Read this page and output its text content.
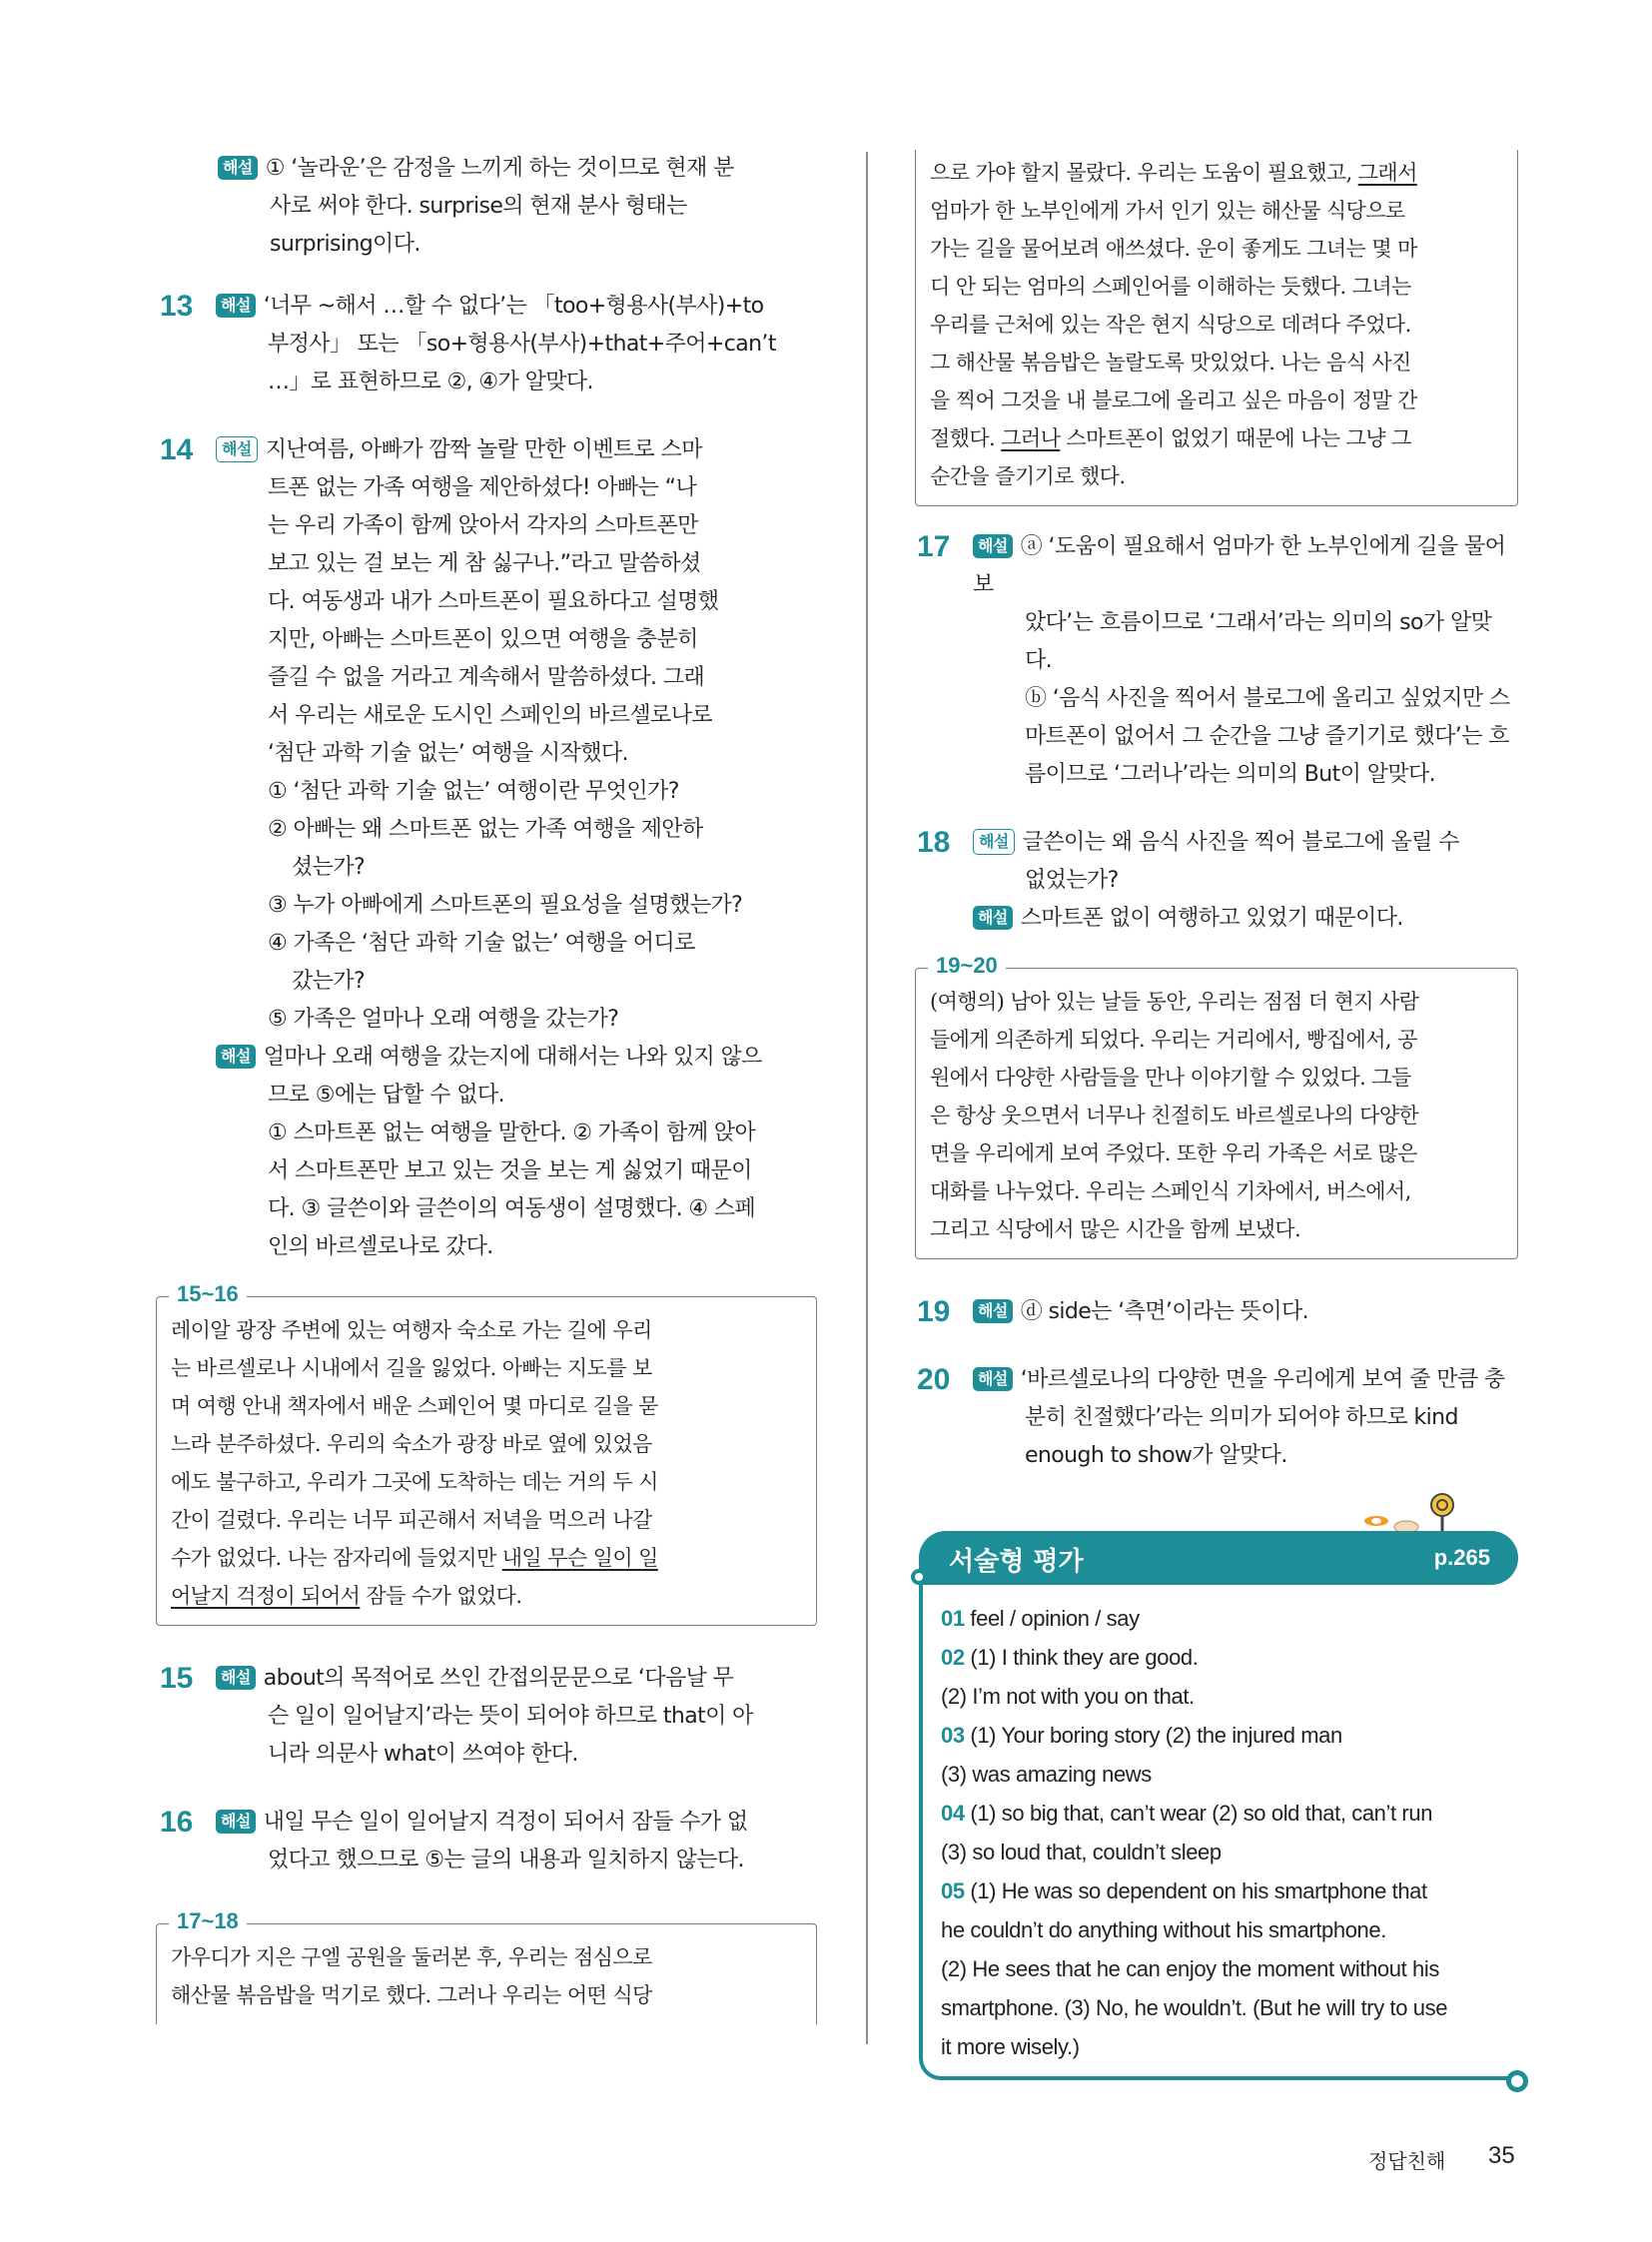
해설 ① ‘놀라운’은 감정을 느끼게 하는 것이므로 현재 분
사로 써야 한다. surprise의 현재 분사 형태는
surprising이다.
13	해설 ‘너무 ~해서 …할 수 없다’는 「too+형용사(부사)+to
부정사」 또는 「so+형용사(부사)+that+주어+can’t
…」로 표현하므로 ②, ④가 알맞다.
14	해설 지난여름, 아빠가 깜짝 놀랄 만한 이벤트로 스마
트폰 없는 가족 여행을 제안하셨다! 아빠는 “나
는 우리 가족이 함께 앉아서 각자의 스마트폰만
보고 있는 걸 보는 게 참 싫구나.”라고 말씀하셨
다. 여동생과 내가 스마트폰이 필요하다고 설명했
지만, 아빠는 스마트폰이 있으면 여행을 충분히
즐길 수 없을 거라고 계속해서 말씀하셨다. 그래
서 우리는 새로운 도시인 스페인의 바르셀로나로
‘첨단 과학 기술 없는’ 여행을 시작했다.
① ‘첨단 과학 기술 없는’ 여행이란 무엇인가?
② 아빠는 왜 스마트폰 없는 가족 여행을 제안하
셨는가?
③ 누가 아빠에게 스마트폰의 필요성을 설명했는가?
④ 가족은 ‘첨단 과학 기술 없는’ 여행을 어디로
갔는가?
⑤ 가족은 얼마나 오래 여행을 갔는가?
해설 얼마나 오래 여행을 갔는지에 대해서는 나와 있지 않으
므로 ⑤에는 답할 수 없다.
① 스마트폰 없는 여행을 말한다. ② 가족이 함께 앉아
서 스마트폰만 보고 있는 것을 보는 게 싫었기 때문이
다. ③ 글쓴이와 글쓴이의 여동생이 설명했다. ④ 스페
인의 바르셀로나로 갔다.
15~16
레이알 광장 주변에 있는 여행자 숙소로 가는 길에 우리
는 바르셀로나 시내에서 길을 잃었다. 아빠는 지도를 보
며 여행 안내 책자에서 배운 스페인어 몇 마디로 길을 묻
느라 분주하셨다. 우리의 숙소가 광장 바로 옆에 있었음
에도 불구하고, 우리가 그곳에 도착하는 데는 거의 두 시
간이 걸렸다. 우리는 너무 피곤해서 저녁을 먹으러 나갈
수가 없었다. 나는 잠자리에 들었지만 내일 무슨 일이 일
어날지 걱정이 되어서 잠들 수가 없었다.
15	해설 about의 목적어로 쓰인 간접의문문으로 ‘다음날 무
슨 일이 일어날지’라는 뜻이 되어야 하므로 that이 아
니라 의문사 what이 쓰여야 한다.
16	해설 내일 무슨 일이 일어날지 걱정이 되어서 잠들 수가 없
었다고 했으므로 ⑤는 글의 내용과 일치하지 않는다.
17~18
가우디가 지은 구엘 공원을 둘러본 후, 우리는 점심으로
해산물 볶음밥을 먹기로 했다. 그러나 우리는 어떤 식당
으로 가야 할지 몰랐다. 우리는 도움이 필요했고, 그래서
엄마가 한 노부인에게 가서 인기 있는 해산물 식당으로
가는 길을 물어보려 애쓰셨다. 운이 좋게도 그녀는 몇 마
디 안 되는 엄마의 스페인어를 이해하는 듯했다. 그녀는
우리를 근처에 있는 작은 현지 식당으로 데려다 주었다.
그 해산물 볶음밥은 놀랄도록 맛있었다. 나는 음식 사진
을 찍어 그것을 내 블로그에 올리고 싶은 마음이 정말 간
절했다. 그러나 스마트폰이 없었기 때문에 나는 그냥 그
순간을 즐기기로 했다.
17	해설 ⓐ ‘도움이 필요해서 엄마가 한 노부인에게 길을 물어보
았다’는 흐름이므로 ‘그래서’라는 의미의 so가 알맞다.
ⓑ ‘음식 사진을 찍어서 블로그에 올리고 싶었지만 스
마트폰이 없어서 그 순간을 그냥 즐기기로 했다’는 흐
름이므로 ‘그러나’라는 의미의 But이 알맞다.
18	해설 글쓴이는 왜 음식 사진을 찍어 블로그에 올릴 수
없었는가?
해설 스마트폰 없이 여행하고 있었기 때문이다.
19~20
(여행의) 남아 있는 날들 동안, 우리는 점점 더 현지 사람
들에게 의존하게 되었다. 우리는 거리에서, 빵집에서, 공
원에서 다양한 사람들을 만나 이야기할 수 있었다. 그들
은 항상 웃으면서 너무나 친절히도 바르셀로나의 다양한
면을 우리에게 보여 주었다. 또한 우리 가족은 서로 많은
대화를 나누었다. 우리는 스페인식 기차에서, 버스에서,
그리고 식당에서 많은 시간을 함께 보냈다.
19	해설 ⓓ side는 ‘측면’이라는 뜻이다.
20	해설 ‘바르셀로나의 다양한 면을 우리에게 보여 줄 만큼 충
분히 친절했다’라는 의미가 되어야 하므로 kind
enough to show가 알맞다.
서술형 평가	p.265
01 feel / opinion / say
02 (1) I think they are good.
(2) I’m not with you on that.
03 (1) Your boring story (2) the injured man
(3) was amazing news
04 (1) so big that, can’t wear (2) so old that, can’t run
(3) so loud that, couldn’t sleep
05 (1) He was so dependent on his smartphone that
he couldn’t do anything without his smartphone.
(2) He sees that he can enjoy the moment without his
smartphone. (3) No, he wouldn’t. (But he will try to use
it more wisely.)
정답친해 35
